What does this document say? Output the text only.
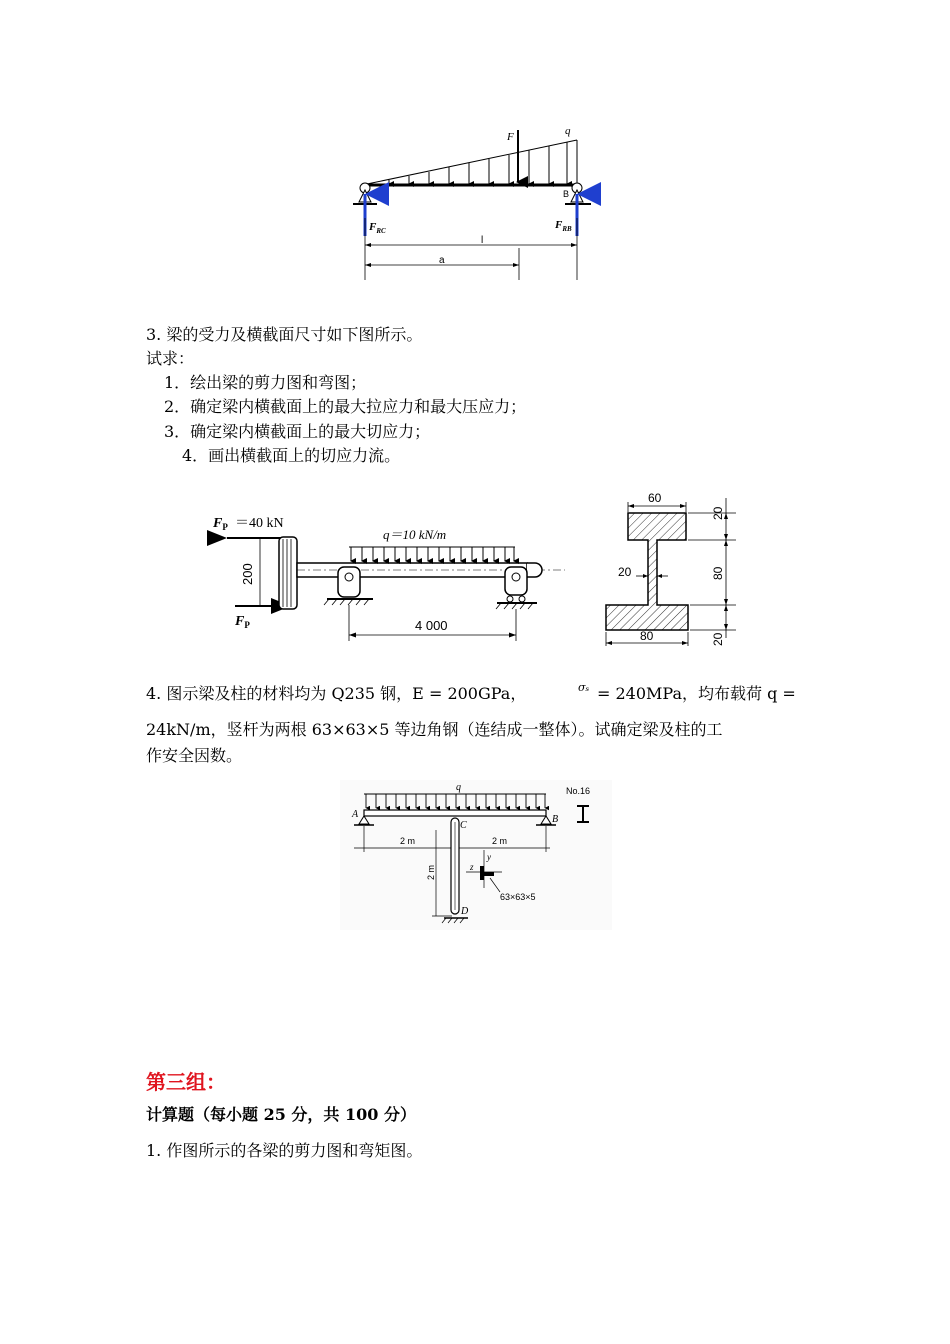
F	q
A	B
$F_{RC}$	$F_{RB}$
l
a
3. 梁的受力及横截面尺寸如下图所示。
试求：
1．绘出梁的剪力图和弯图；
2．确定梁内横截面上的最大拉应力和最大压应力；
3．确定梁内横截面上的最大切应力；
4．画出横截面上的切应力流。
$F_P =40$ kN
$F_P$
200
q＝10 kN/m
4 000
60
80
20
20
80
20
4. 图示梁及柱的材料均为 Q235 钢，E = 200GPa，	σₛ = 240MPa，均布载荷 q =
24kN/m，竖杆为两根 63×63×5 等边角钢（连结成一整体）。试确定梁及柱的工
作安全因数。
q
A	B
C
No.16
2 m	2 m
2 m
D
y
z
63×63×5
第三组：
计算题（每小题 25 分，共 100 分）
1. 作图所示的各梁的剪力图和弯矩图。
